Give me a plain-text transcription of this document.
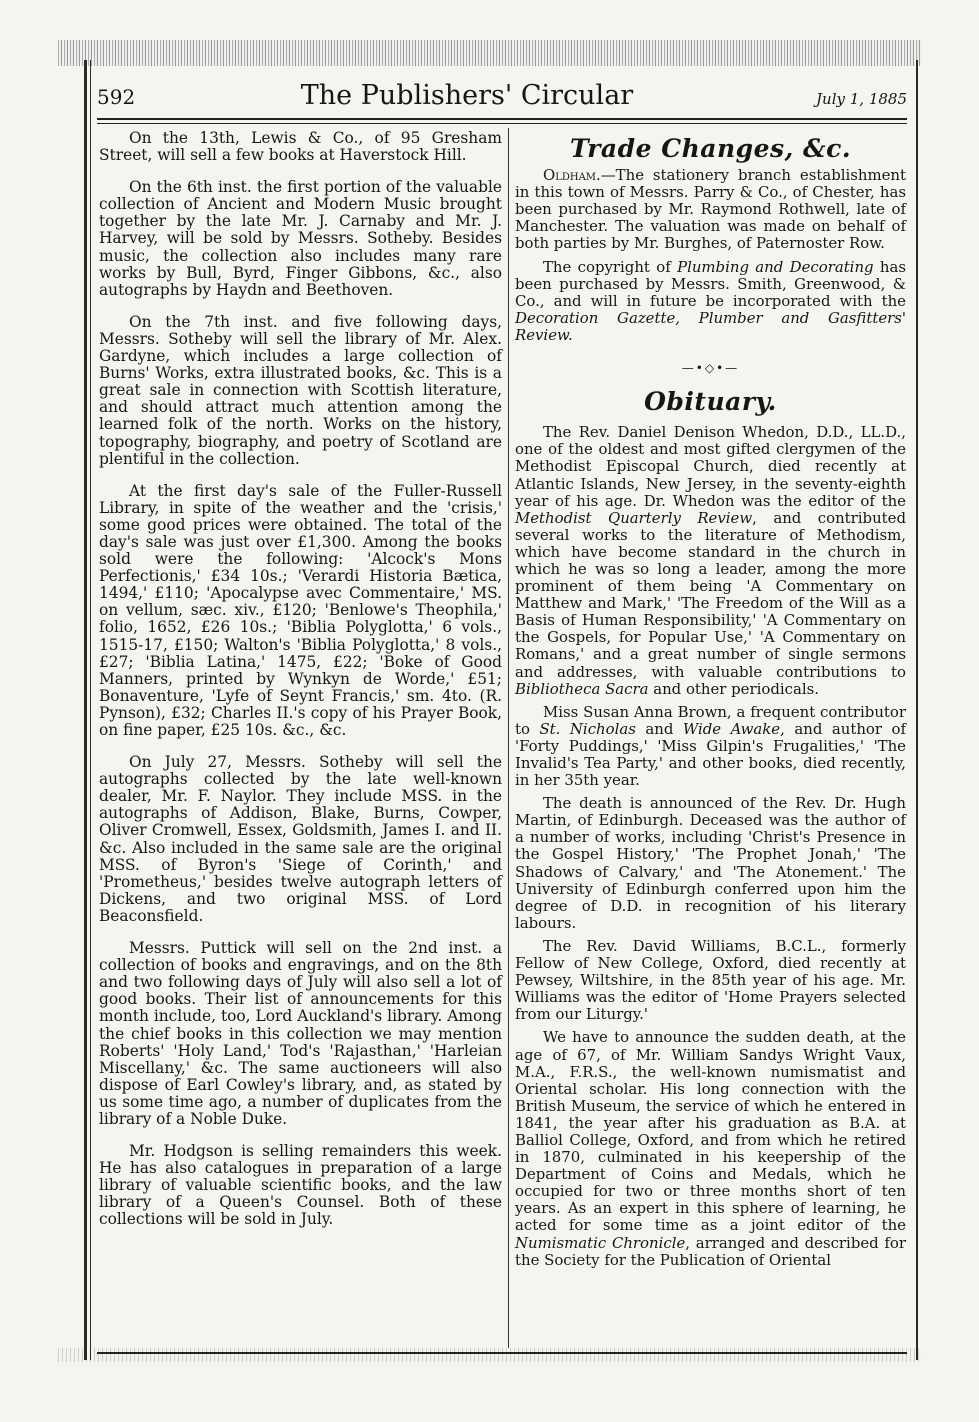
592	The Publishers' Circular	July 1, 1885

On the 13th, Lewis & Co., of 95 Gresham Street, will sell a few books at Haverstock Hill.

On the 6th inst. the first portion of the valuable collection of Ancient and Modern Music brought together by the late Mr. J. Carnaby and Mr. J. Harvey, will be sold by Messrs. Sotheby. Besides music, the collection also includes many rare works by Bull, Byrd, Finger Gibbons, &c., also autographs by Haydn and Beethoven.

On the 7th inst. and five following days, Messrs. Sotheby will sell the library of Mr. Alex. Gardyne, which includes a large collection of Burns' Works, extra illustrated books, &c. This is a great sale in connection with Scottish literature, and should attract much attention among the learned folk of the north. Works on the history, topography, biography, and poetry of Scotland are plentiful in the collection.

At the first day's sale of the Fuller-Russell Library, in spite of the weather and the 'crisis,' some good prices were obtained. The total of the day's sale was just over £1,300. Among the books sold were the following: 'Alcock's Mons Perfectionis,' £34 10s.; 'Verardi Historia Bætica, 1494,' £110; 'Apocalypse avec Commentaire,' MS. on vellum, sæc. xiv., £120; 'Benlowe's Theophila,' folio, 1652, £26 10s.; 'Biblia Polyglotta,' 6 vols., 1515-17, £150; Walton's 'Biblia Polyglotta,' 8 vols., £27; 'Biblia Latina,' 1475, £22; 'Boke of Good Manners, printed by Wynkyn de Worde,' £51; Bonaventure, 'Lyfe of Seynt Francis,' sm. 4to. (R. Pynson), £32; Charles II.'s copy of his Prayer Book, on fine paper, £25 10s. &c., &c.

On July 27, Messrs. Sotheby will sell the autographs collected by the late well-known dealer, Mr. F. Naylor. They include MSS. in the autographs of Addison, Blake, Burns, Cowper, Oliver Cromwell, Essex, Goldsmith, James I. and II. &c. Also included in the same sale are the original MSS. of Byron's 'Siege of Corinth,' and 'Prometheus,' besides twelve autograph letters of Dickens, and two original MSS. of Lord Beaconsfield.

Messrs. Puttick will sell on the 2nd inst. a collection of books and engravings, and on the 8th and two following days of July will also sell a lot of good books. Their list of announcements for this month include, too, Lord Auckland's library. Among the chief books in this collection we may mention Roberts' 'Holy Land,' Tod's 'Rajasthan,' 'Harleian Miscellany,' &c. The same auctioneers will also dispose of Earl Cowley's library, and, as stated by us some time ago, a number of duplicates from the library of a Noble Duke.

Mr. Hodgson is selling remainders this week. He has also catalogues in preparation of a large library of valuable scientific books, and the law library of a Queen's Counsel. Both of these collections will be sold in July.

Trade Changes, &c.

Oldham.—The stationery branch establishment in this town of Messrs. Parry & Co., of Chester, has been purchased by Mr. Raymond Rothwell, late of Manchester. The valuation was made on behalf of both parties by Mr. Burghes, of Paternoster Row.

The copyright of Plumbing and Decorating has been purchased by Messrs. Smith, Greenwood, & Co., and will in future be incorporated with the Decoration Gazette, Plumber and Gasfitters' Review.

—•◇•—
Obituary.

The Rev. Daniel Denison Whedon, D.D., LL.D., one of the oldest and most gifted clergymen of the Methodist Episcopal Church, died recently at Atlantic Islands, New Jersey, in the seventy-eighth year of his age. Dr. Whedon was the editor of the Methodist Quarterly Review, and contributed several works to the literature of Methodism, which have become standard in the church in which he was so long a leader, among the more prominent of them being 'A Commentary on Matthew and Mark,' 'The Freedom of the Will as a Basis of Human Responsibility,' 'A Commentary on the Gospels, for Popular Use,' 'A Commentary on Romans,' and a great number of single sermons and addresses, with valuable contributions to Bibliotheca Sacra and other periodicals.

Miss Susan Anna Brown, a frequent contributor to St. Nicholas and Wide Awake, and author of 'Forty Puddings,' 'Miss Gilpin's Frugalities,' 'The Invalid's Tea Party,' and other books, died recently, in her 35th year.

The death is announced of the Rev. Dr. Hugh Martin, of Edinburgh. Deceased was the author of a number of works, including 'Christ's Presence in the Gospel History,' 'The Prophet Jonah,' 'The Shadows of Calvary,' and 'The Atonement.' The University of Edinburgh conferred upon him the degree of D.D. in recognition of his literary labours.

The Rev. David Williams, B.C.L., formerly Fellow of New College, Oxford, died recently at Pewsey, Wiltshire, in the 85th year of his age. Mr. Williams was the editor of 'Home Prayers selected from our Liturgy.'

We have to announce the sudden death, at the age of 67, of Mr. William Sandys Wright Vaux, M.A., F.R.S., the well-known numismatist and Oriental scholar. His long connection with the British Museum, the service of which he entered in 1841, the year after his graduation as B.A. at Balliol College, Oxford, and from which he retired in 1870, culminated in his keepership of the Department of Coins and Medals, which he occupied for two or three months short of ten years. As an expert in this sphere of learning, he acted for some time as a joint editor of the Numismatic Chronicle, arranged and described for the Society for the Publication of Oriental
